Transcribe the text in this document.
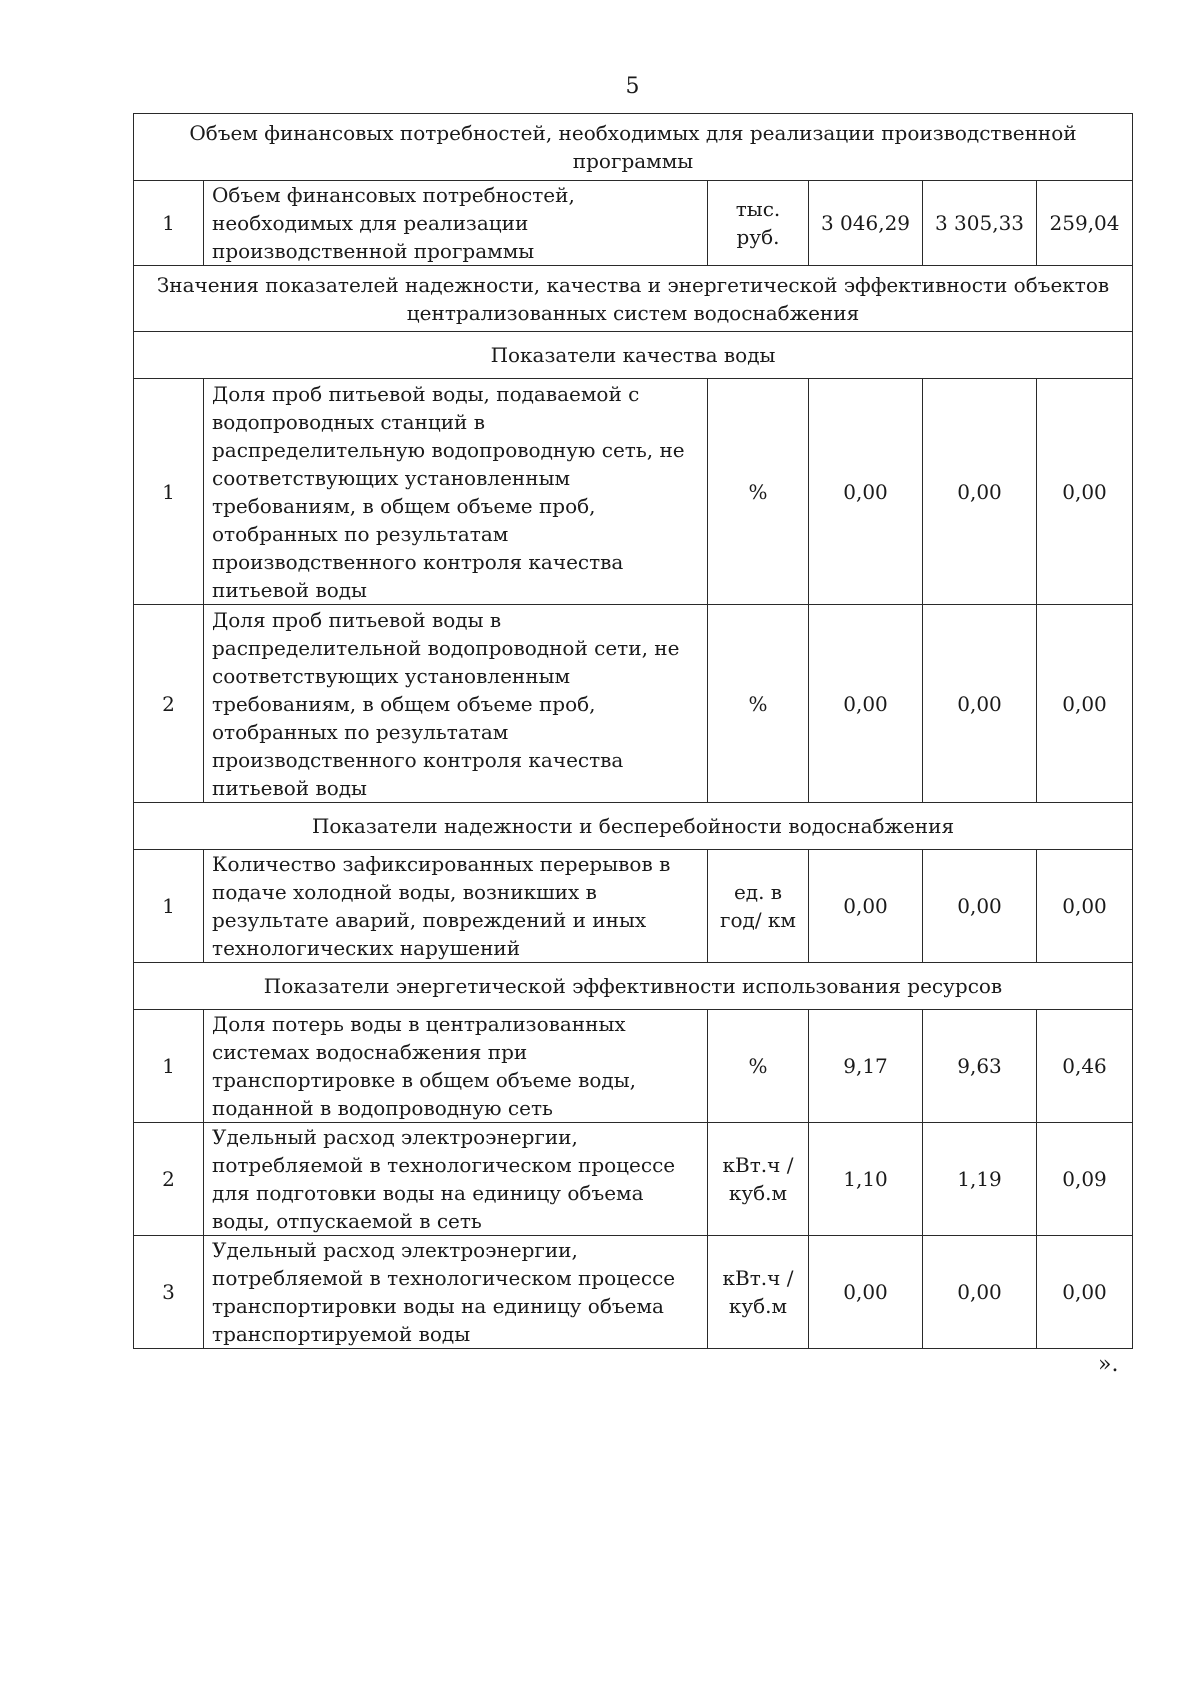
5
Объем финансовых потребностей, необходимых для реализации производственной программы					
1	Объем финансовых потребностей, необходимых для реализации производственной программы	тыс. руб.	3 046,29	3 305,33	259,04
Значения показателей надежности, качества и энергетической эффективности объектов централизованных систем водоснабжения					
Показатели качества воды					
1	Доля проб питьевой воды, подаваемой с водопроводных станций в распределительную водопроводную сеть, не соответствующих установленным требованиям, в общем объеме проб, отобранных по результатам производственного контроля качества питьевой воды	%	0,00	0,00	0,00
2	Доля проб питьевой воды в распределительной водопроводной сети, не соответствующих установленным требованиям, в общем объеме проб, отобранных по результатам производственного контроля качества питьевой воды	%	0,00	0,00	0,00
Показатели надежности и бесперебойности водоснабжения					
1	Количество зафиксированных перерывов в подаче холодной воды, возникших в результате аварий, повреждений и иных технологических нарушений	ед. в год/ км	0,00	0,00	0,00
Показатели энергетической эффективности использования ресурсов					
1	Доля потерь воды в централизованных системах водоснабжения при транспортировке в общем объеме воды, поданной в водопроводную сеть	%	9,17	9,63	0,46
2	Удельный расход электроэнергии, потребляемой в технологическом процессе для подготовки воды на единицу объема воды, отпускаемой в сеть	кВт.ч / куб.м	1,10	1,19	0,09
3	Удельный расход электроэнергии, потребляемой в технологическом процессе транспортировки воды на единицу объема транспортируемой воды	кВт.ч / куб.м	0,00	0,00	0,00
».
